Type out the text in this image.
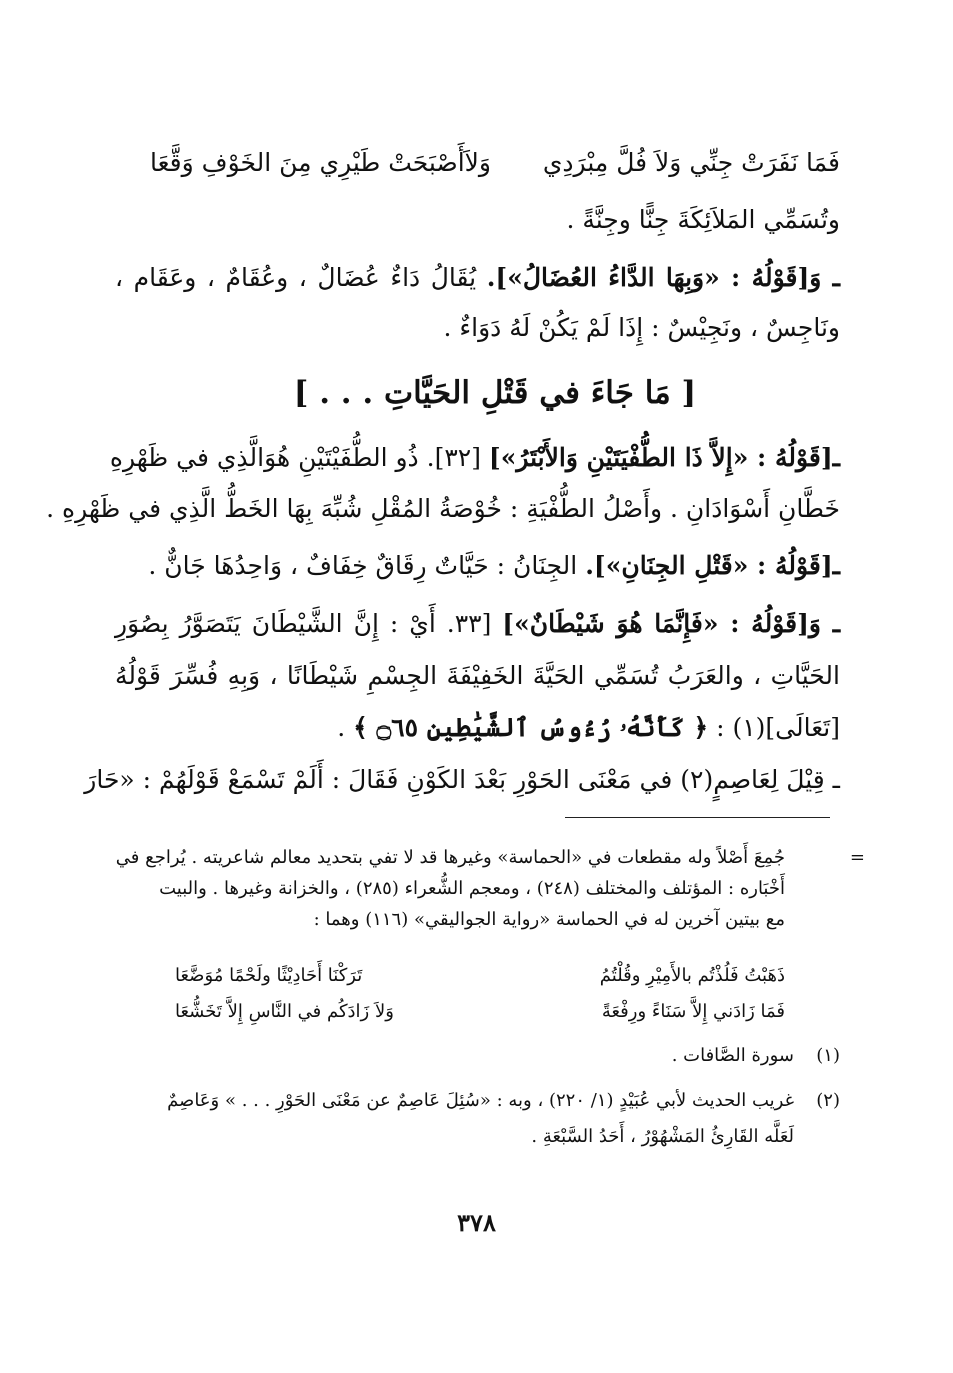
فَمَا نَفَرَتْ جِنِّي وَلاَ فُلَّ مِبْرَدِي
وَلاَأَصْبَحَتْ طَيْرِي مِنَ الخَوْفِ وَقَّعَا
وتُسَمِّي المَلاَئِكَةَ جِنًّا وجِنَّةً .
ـ وَ[قَوْلُهُ : «وَبِهَا الدَّاءُ العُضَالُ»]. يُقَالُ دَاءٌ عُضَالٌ ، وعُقَامٌ ، وعَقَام ،
ونَاجِسٌ ، ونَجِيْسٌ : إِذَا لَمْ يَكُنْ لَهُ دَوَاءٌ .
[ مَا جَاءَ في قَتْلِ الحَيَّاتِ . . . ]
ـ[قَوْلُهُ : «إِلاَّ ذَا الطُّفْيَتَيْنِ وَالأَبْتَرُ»] [٣٢]. ذُو الطُّفَيْتَيْنِ هُوَالَّذِي في ظَهْرِهِ
خَطَّانِ أَسْوَادَانِ . وأَصْلُ الطُّفْيَةِ : خُوْصَةُ المُقْلِ شُبِّهَ بِهَا الخَطُّ الَّذِي في ظَهْرِهِ .
ـ[قَوْلُهُ : «قَتْلِ الجِنَانِ»]. الجِنَانُ : حَيَّاتٌ رِقَاقٌ خِفَافٌ ، وَاحِدُهَا جَانٌّ .
ـ وَ[قَوْلُهُ : «فَإِنَّمَا هُوَ شَيْطَانٌ»] [٣٣. أَيْ : إِنَّ الشَّيْطَانَ يَتَصَوَّرُ بِصُوَرِ
الحَيَّاتِ ، والعَرَبُ تُسَمِّي الحَيَّةَ الخَفِيْفَةَ الجِسْمِ شَيْطَانًا ، وَبِهِ فُسِّرَ قَوْلُهُ
[تَعَالَى](١) : ﴿ كَأَنَّهُۥ رُءُوسُ ٱلشَّيَٰطِينِ ۝٦٥ ﴾ .
ـ قِيْلَ لِعَاصِمٍ(٢) في مَعْنَى الحَوْرِ بَعْدَ الكَوْنِ فَقَالَ : أَلَمْ تَسْمَعْ قَوْلَهُمْ : «حَارَ
=
جُمِعَ أَصْلاً وله مقطعات في «الحماسة» وغيرها قد لا تفي بتحديد معالم شاعريته . يُراجع في
أَخْبَاره : المؤتلف والمختلف (٢٤٨) ، ومعجم الشُّعراء (٢٨٥) ، والخزانة وغيرها . والبيت
مع بيتين آخرين له في الحماسة «رواية الجواليقي» (١١٦) وهما :
ذَهَبْتُ فَلُذْتُم بالأَمِيْرِ وقُلْتُمُ
تَرَكْنَا أَحَادِيْثًا ولَحْمًا مُوَضَّعَا
فَمَا زَادَني إِلاَّ سَنَاءً ورِفْعَةً
وَلاَ زَادَكُم في النَّاسِ إِلاَّ تَخَشُّعَا
(١)
سورة الصَّافات .
(٢)
غريب الحديث لأبي عُبَيْدٍ (١/ ٢٢٠) ، وبه : «سُئِلَ عَاصِمٌ عن مَعْنَى الحَوْرِ . . . » وَعَاصِمٌ
لَعَلَّه القَارِئُ المَشْهُوْرُ ، أَحَدُ السَّبْعَةِ .
٣٧٨
